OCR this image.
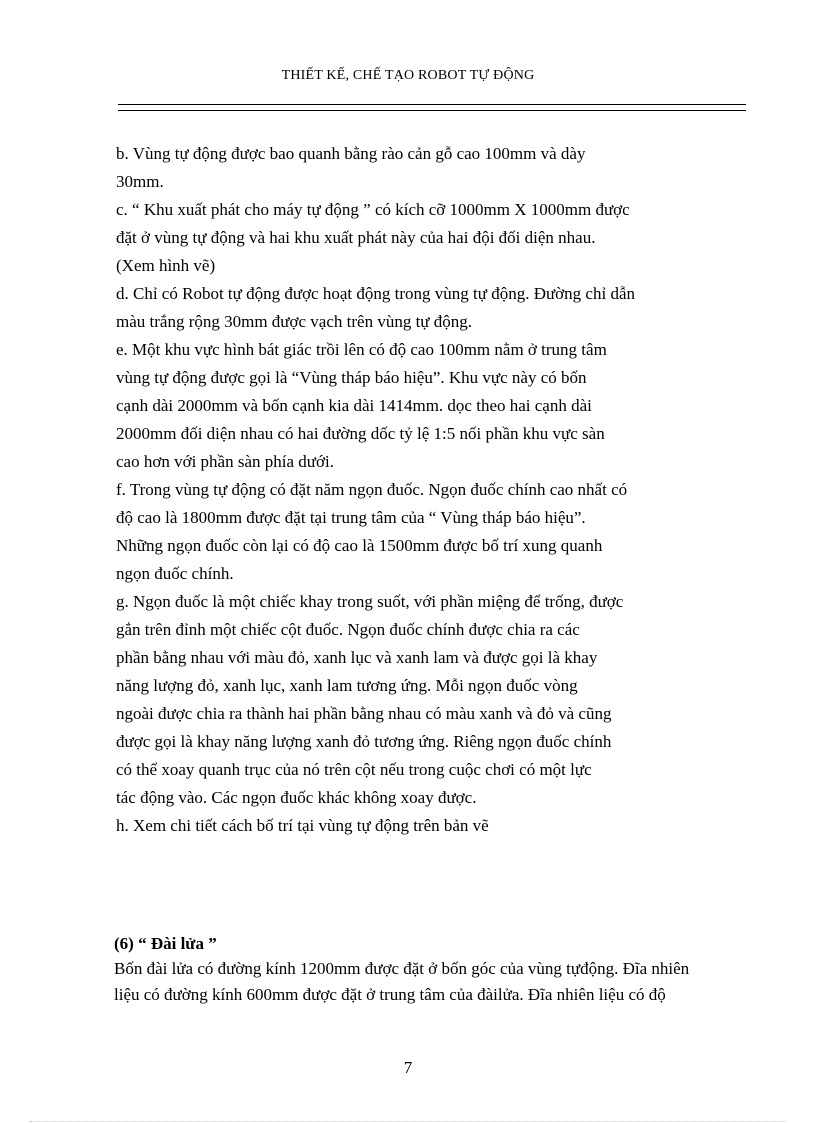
THIẾT KẾ, CHẾ TẠO ROBOT TỰ ĐỘNG
b. Vùng tự động được bao quanh bằng rào cản gỗ cao 100mm và dày
30mm.
c. “ Khu xuất phát cho máy tự động ” có kích cỡ 1000mm X 1000mm được
đặt ở vùng tự động và hai khu xuất phát này của hai đội đối diện nhau.
(Xem hình vẽ)
d. Chỉ có Robot tự động được hoạt động trong vùng tự động. Đường chỉ dẫn
màu trắng rộng 30mm được vạch trên vùng tự động.
e. Một khu vực hình bát giác trồi lên có độ cao 100mm nằm ở trung tâm
vùng tự động được gọi là “Vùng tháp báo hiệu”. Khu vực này có bốn
cạnh dài 2000mm và bốn cạnh kia dài 1414mm. dọc theo hai cạnh dài
2000mm đối diện nhau có hai đường dốc tỷ lệ 1:5 nối phần khu vực sàn
cao hơn với phần sàn phía dưới.
f. Trong vùng tự động có đặt năm ngọn đuốc. Ngọn đuốc chính cao nhất có
độ cao là 1800mm được đặt tại trung tâm của “ Vùng tháp báo hiệu”.
Những ngọn đuốc còn lại có độ cao là 1500mm được bố trí xung quanh
ngọn đuốc chính.
g. Ngọn đuốc là một chiếc khay trong suốt, với phần miệng để trống, được
gắn trên đỉnh một chiếc cột đuốc. Ngọn đuốc chính được chia ra các
phần bằng nhau với màu đỏ, xanh lục và xanh lam và được gọi là khay
năng lượng đỏ, xanh lục, xanh lam tương ứng. Mỗi ngọn đuốc vòng
ngoài được chia ra thành hai phần bằng nhau có màu xanh và đỏ và cũng
được gọi là khay năng lượng xanh đỏ tương ứng. Riêng ngọn đuốc chính
có thể xoay quanh trục của nó trên cột nếu trong cuộc chơi có một lực
tác động vào. Các ngọn đuốc khác không xoay được.
h. Xem chi tiết cách bố trí tại vùng tự động trên bản vẽ
(6) “ Đài lửa ”
Bốn đài lửa có đường kính 1200mm được đặt ở bốn góc của vùng tựđộng. Đĩa nhiên
liệu có đường kính 600mm được đặt ở trung tâm của đàilửa. Đĩa nhiên liệu có độ
7
